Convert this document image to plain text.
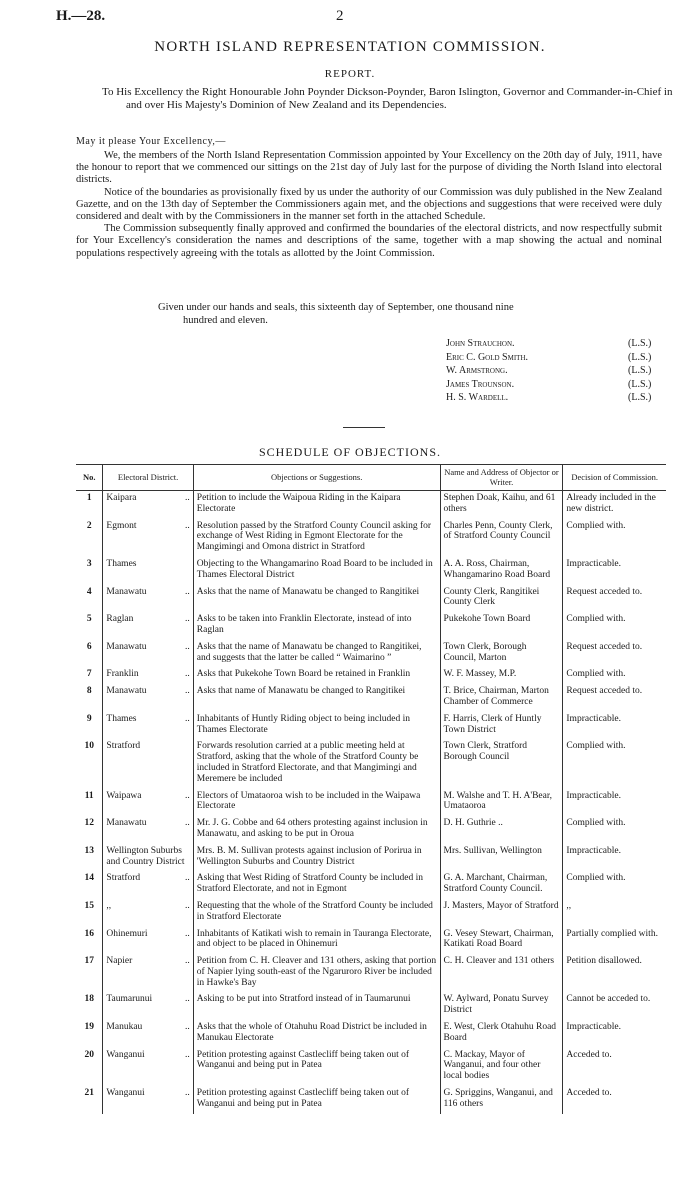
H.—28.	2
NORTH ISLAND REPRESENTATION COMMISSION.
REPORT.
To His Excellency the Right Honourable John Poynder Dickson-Poynder, Baron Islington, Governor and Commander-in-Chief in and over His Majesty's Dominion of New Zealand and its Dependencies.
May it please Your Excellency,—

We, the members of the North Island Representation Commission appointed by Your Excellency on the 20th day of July, 1911, have the honour to report that we commenced our sittings on the 21st day of July last for the purpose of dividing the North Island into electoral districts.

Notice of the boundaries as provisionally fixed by us under the authority of our Commission was duly published in the New Zealand Gazette, and on the 13th day of September the Commissioners again met, and the objections and suggestions that were received were duly considered and dealt with by the Commissioners in the manner set forth in the attached Schedule.

The Commission subsequently finally approved and confirmed the boundaries of the electoral districts, and now respectfully submit for Your Excellency's consideration the names and descriptions of the same, together with a map showing the actual and nominal populations respectively agreeing with the totals as allotted by the Joint Commission.

Given under our hands and seals, this sixteenth day of September, one thousand nine
hundred and eleven.
John Strauchon.	(L.S.)
Eric C. Gold Smith.	(L.S.)
W. Armstrong.	(L.S.)
James Trounson.	(L.S.)
H. S. Wardell.	(L.S.)
SCHEDULE OF OBJECTIONS.
No.	Electoral District.	Objections or Suggestions.	Name and Address of Objector or Writer.	Decision of Commission.
1	Kaipara ..	Petition to include the Waipoua Riding in the Kaipara Electorate	Stephen Doak, Kaihu, and 61 others	Already included in the new district.
2	Egmont ..	Resolution passed by the Stratford County Council asking for exchange of West Riding in Egmont Electorate for the Mangimingi and Omona district in Stratford	Charles Penn, County Clerk, of Stratford County Council	Complied with.
3	Thames	Objecting to the Whangamarino Road Board to be included in Thames Electoral District	A. A. Ross, Chairman, Whangamarino Road Board	Impracticable.
4	Manawatu ..	Asks that the name of Manawatu be changed to Rangitikei	County Clerk, Rangitikei County Clerk	Request acceded to.
5	Raglan ..	Asks to be taken into Franklin Electorate, instead of into Raglan	Pukekohe Town Board	Complied with.
6	Manawatu ..	Asks that the name of Manawatu be changed to Rangitikei, and suggests that the latter be called “ Waimarino ”	Town Clerk, Borough Council, Marton	Request acceded to.
7	Franklin ..	Asks that Pukekohe Town Board be retained in Franklin	W. F. Massey, M.P.	Complied with.
8	Manawatu ..	Asks that name of Manawatu be changed to Rangitikei	T. Brice, Chairman, Marton Chamber of Commerce	Request acceded to.
9	Thames ..	Inhabitants of Huntly Riding object to being included in Thames Electorate	F. Harris, Clerk of Huntly Town District	Impracticable.
10	Stratford	Forwards resolution carried at a public meeting held at Stratford, asking that the whole of the Stratford County be included in Stratford Electorate, and that Mangimingi and Meremere be included	Town Clerk, Stratford Borough Council	Complied with.
11	Waipawa ..	Electors of Umataoroa wish to be included in the Waipawa Electorate	M. Walshe and T. H. A'Bear, Umataoroa	Impracticable.
12	Manawatu ..	Mr. J. G. Cobbe and 64 others protesting against inclusion in Manawatu, and asking to be put in Oroua	D. H. Guthrie ..	Complied with.
13	Wellington Suburbs and Country District	Mrs. B. M. Sullivan protests against inclusion of Porirua in 'Wellington Suburbs and Country District	Mrs. Sullivan, Wellington	Impracticable.
14	Stratford ..	Asking that West Riding of Stratford County be included in Stratford Electorate, and not in Egmont	G. A. Marchant, Chairman, Stratford County Council.	Complied with.
15	,, ..	Requesting that the whole of the Stratford County be included in Stratford Electorate	J. Masters, Mayor of Stratford	,,
16	Ohinemuri ..	Inhabitants of Katikati wish to remain in Tauranga Electorate, and object to be placed in Ohinemuri	G. Vesey Stewart, Chairman, Katikati Road Board	Partially complied with.
17	Napier ..	Petition from C. H. Cleaver and 131 others, asking that portion of Napier lying south-east of the Ngaruroro River be included in Hawke's Bay	C. H. Cleaver and 131 others	Petition disallowed.
18	Taumarunui ..	Asking to be put into Stratford instead of in Taumarunui	W. Aylward, Ponatu Survey District	Cannot be acceded to.
19	Manukau ..	Asks that the whole of Otahuhu Road District be included in Manukau Electorate	E. West, Clerk Otahuhu Road Board	Impracticable.
20	Wanganui ..	Petition protesting against Castlecliff being taken out of Wanganui and being put in Patea	C. Mackay, Mayor of Wanganui, and four other local bodies	Acceded to.
21	Wanganui ..	Petition protesting against Castlecliff being taken out of Wanganui and being put in Patea	G. Spriggins, Wanganui, and 116 others	Acceded to.
